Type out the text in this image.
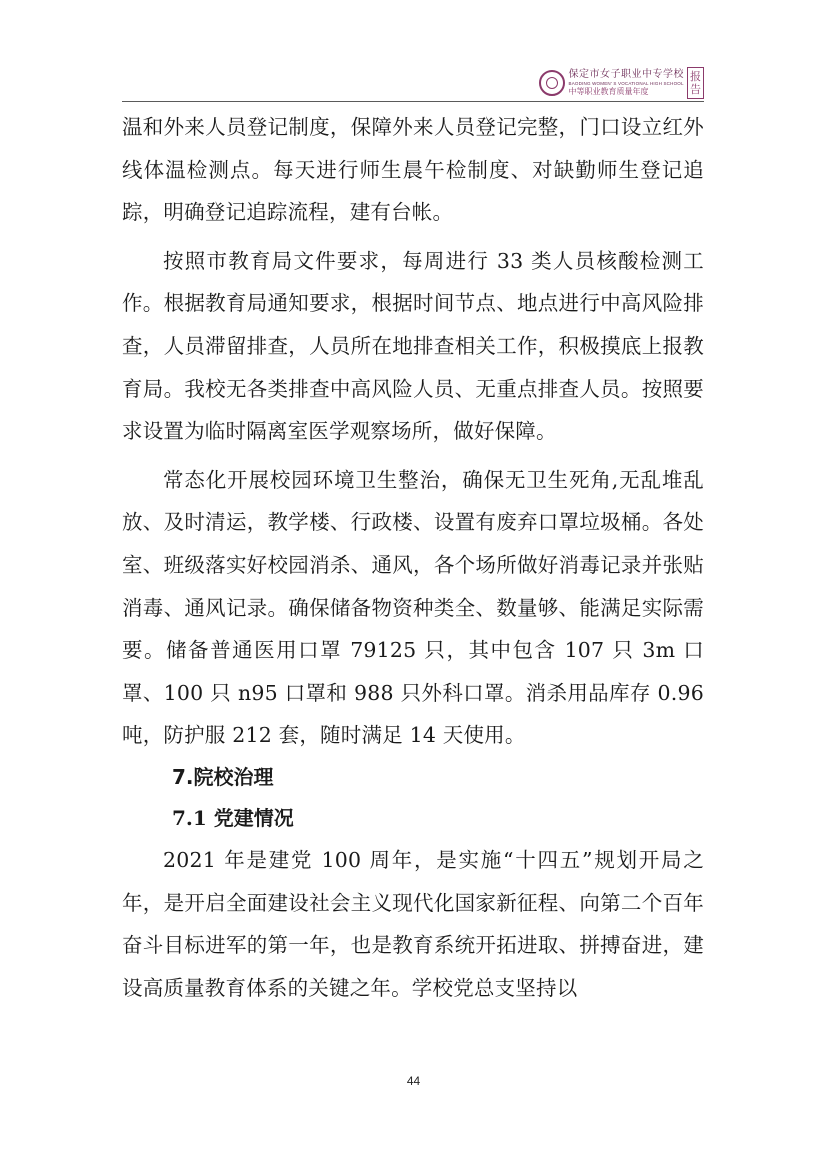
保定市女子职业中专学校
BAODING WOMEN' S VOCATIONAL HIGH SCHOOL
中等职业教育质量年度
报
告

温和外来人员登记制度，保障外来人员登记完整，门口设立红外线体温检测点。每天进行师生晨午检制度、对缺勤师生登记追踪，明确登记追踪流程，建有台帐。

按照市教育局文件要求，每周进行 33 类人员核酸检测工作。根据教育局通知要求，根据时间节点、地点进行中高风险排查，人员滞留排查，人员所在地排查相关工作，积极摸底上报教育局。我校无各类排查中高风险人员、无重点排查人员。按照要求设置为临时隔离室医学观察场所，做好保障。

常态化开展校园环境卫生整治，确保无卫生死角,无乱堆乱放、及时清运，教学楼、行政楼、设置有废弃口罩垃圾桶。各处室、班级落实好校园消杀、通风，各个场所做好消毒记录并张贴消毒、通风记录。确保储备物资种类全、数量够、能满足实际需要。储备普通医用口罩 79125 只，其中包含 107 只 3m 口罩、100 只 n95 口罩和 988 只外科口罩。消杀用品库存 0.96 吨，防护服 212 套，随时满足 14 天使用。

7.院校治理
7.1 党建情况

2021 年是建党 100 周年，是实施“十四五”规划开局之年，是开启全面建设社会主义现代化国家新征程、向第二个百年奋斗目标进军的第一年，也是教育系统开拓进取、拼搏奋进，建设高质量教育体系的关键之年。学校党总支坚持以

44
